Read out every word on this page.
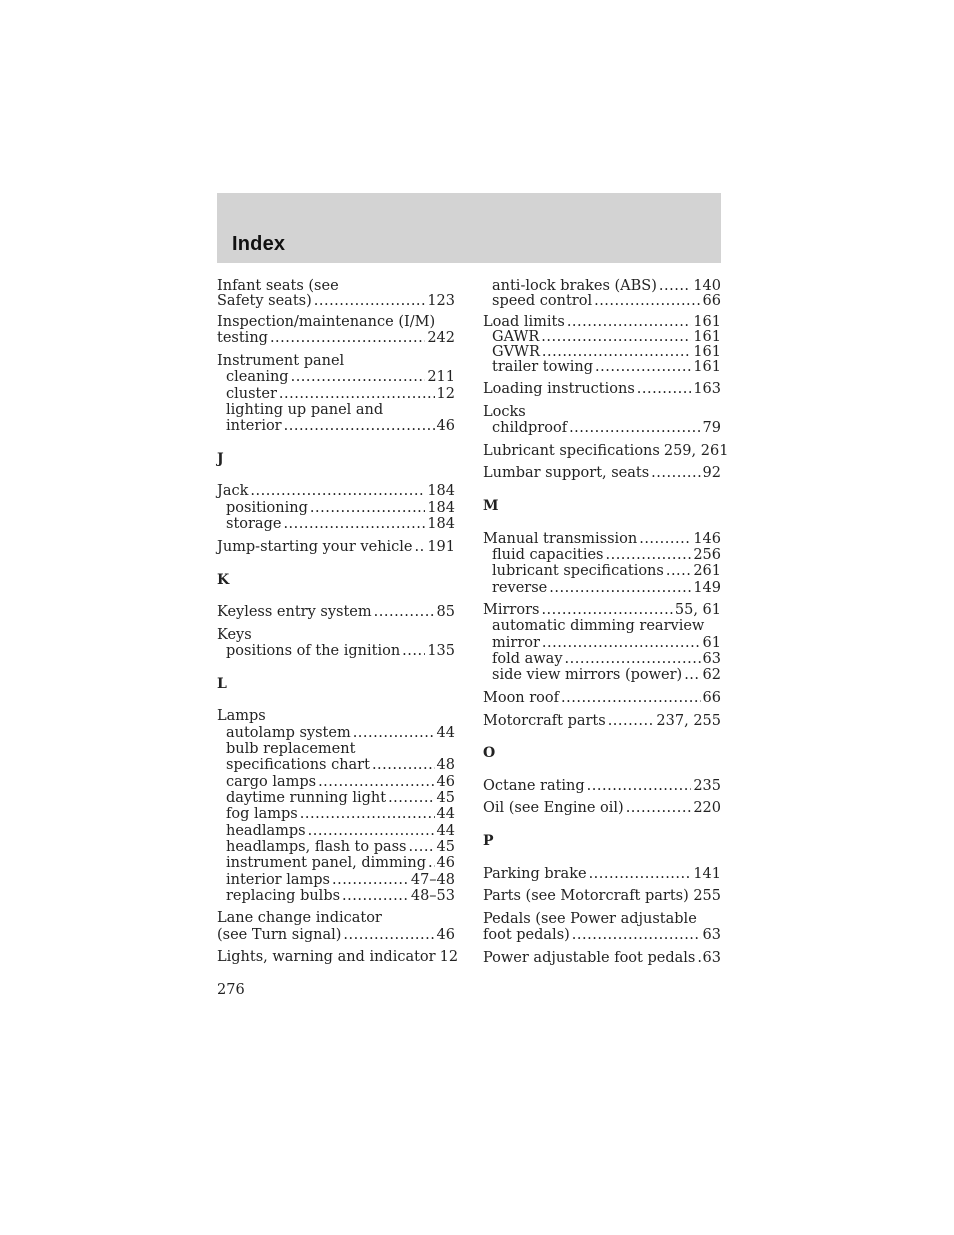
Index
Infant seats (see
Safety seats) .....	123
Inspection/maintenance (I/M)
testing .....	242
Instrument panel
cleaning .....	211
cluster .....	12
lighting up panel and
interior .....	46
J
Jack .....	184
positioning .....	184
storage .....	184
Jump-starting your vehicle ..... 191
K
Keyless entry system .....	85
Keys
positions of the ignition ..... 135
L
Lamps
autolamp system .....	44
bulb replacement
specifications chart .....	48
cargo lamps .....	46
daytime running light .....	45
fog lamps .....	44
headlamps .....	44
headlamps, flash to pass ..... 45
instrument panel, dimming ..... 46
interior lamps .....	47–48
replacing bulbs .....	48–53
Lane change indicator
(see Turn signal) .....	46
Lights, warning and indicator 12
anti-lock brakes (ABS) .....	140
speed control .....	66
Load limits .....	161
GAWR .....	161
GVWR .....	161
trailer towing .....	161
Loading instructions .....	163
Locks
childproof .....	79
Lubricant specifications 259, 261
Lumbar support, seats .....	92
M
Manual transmission .....	146
fluid capacities .....	256
lubricant specifications ..... 261
reverse .....	149
Mirrors .....	55, 61
automatic dimming rearview
mirror .....	61
fold away .....	63
side view mirrors (power) ..... 62
Moon roof .....	66
Motorcraft parts .....	237, 255
O
Octane rating .....	235
Oil (see Engine oil) .....	220
P
Parking brake .....	141
Parts (see Motorcraft parts) ..... 255
Pedals (see Power adjustable
foot pedals) .....	63
Power adjustable foot pedals ..... 63
276
